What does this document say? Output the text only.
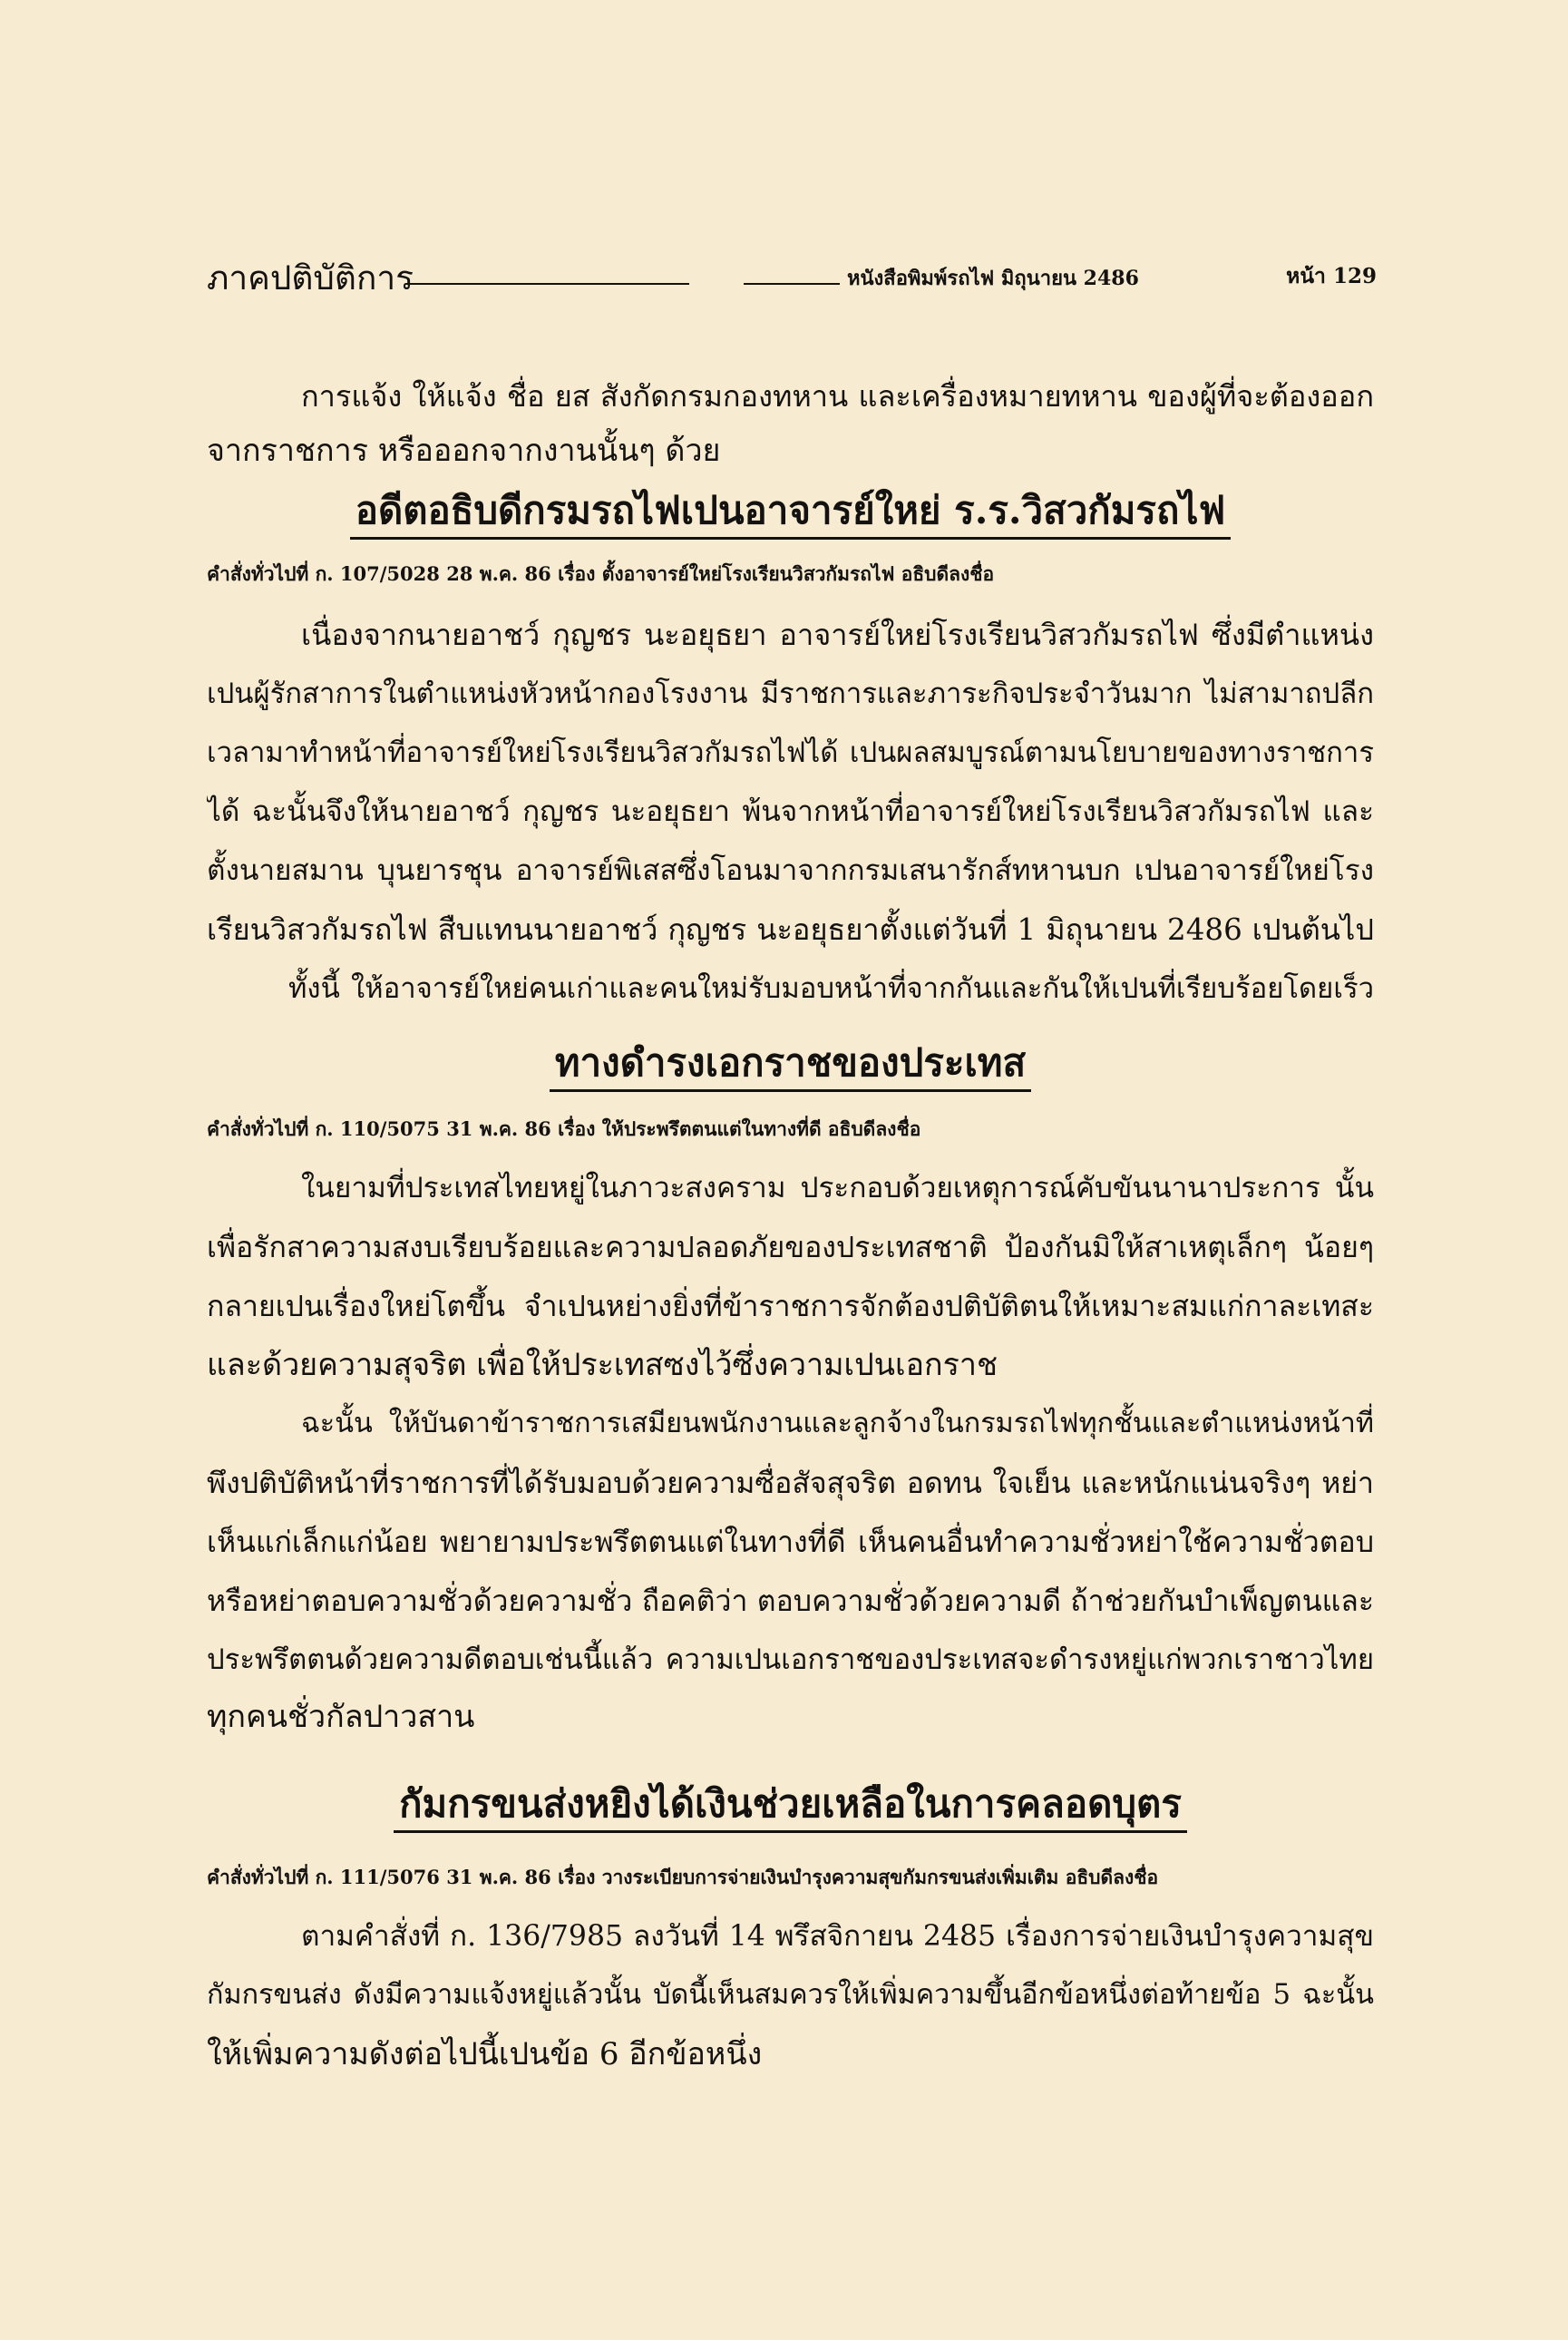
ภาคปติบัติการ	หนังสือพิมพ์รถไฟ มิถุนายน 2486	หน้า 129
การแจ้ง ให้แจ้ง ชื่อ ยส สังกัดกรมกองทหาน และเครื่องหมายทหาน ของผู้ที่จะต้องออก
จากราชการ หรือออกจากงานนั้นๆ ด้วย
อดีตอธิบดีกรมรถไฟเปนอาจารย์ใหย่ ร.ร.วิสวกัมรถไฟ
คำสั่งทั่วไปที่ ก. 107/5028 28 พ.ค. 86 เรื่อง ตั้งอาจารย์ใหย่โรงเรียนวิสวกัมรถไฟ อธิบดีลงชื่อ
เนื่องจากนายอาชว์ กุญชร นะอยุธยา อาจารย์ใหย่โรงเรียนวิสวกัมรถไฟ ซึ่งมีตำแหน่ง
เปนผู้รักสาการในตำแหน่งหัวหน้ากองโรงงาน มีราชการและภาระกิจประจำวันมาก ไม่สามาถปลีก
เวลามาทำหน้าที่อาจารย์ใหย่โรงเรียนวิสวกัมรถไฟได้ เปนผลสมบูรณ์ตามนโยบายของทางราชการ
ได้ ฉะนั้นจึงให้นายอาชว์ กุญชร นะอยุธยา พ้นจากหน้าที่อาจารย์ใหย่โรงเรียนวิสวกัมรถไฟ และ
ตั้งนายสมาน บุนยารชุน อาจารย์พิเสสซึ่งโอนมาจากกรมเสนารักส์ทหานบก เปนอาจารย์ใหย่โรง
เรียนวิสวกัมรถไฟ สืบแทนนายอาชว์ กุญชร นะอยุธยาตั้งแต่วันที่ 1 มิถุนายน 2486 เปนต้นไป
ทั้งนี้ ให้อาจารย์ใหย่คนเก่าและคนใหม่รับมอบหน้าที่จากกันและกันให้เปนที่เรียบร้อยโดยเร็ว
ทางดำรงเอกราชของประเทส
คำสั่งทั่วไปที่ ก. 110/5075 31 พ.ค. 86 เรื่อง ให้ประพรึตตนแต่ในทางที่ดี อธิบดีลงชื่อ
ในยามที่ประเทสไทยหยู่ในภาวะสงคราม ประกอบด้วยเหตุการณ์คับขันนานาประการ นั้น
เพื่อรักสาความสงบเรียบร้อยและความปลอดภัยของประเทสชาติ ป้องกันมิให้สาเหตุเล็กๆ น้อยๆ
กลายเปนเรื่องใหย่โตขึ้น จำเปนหย่างยิ่งที่ข้าราชการจักต้องปติบัติตนให้เหมาะสมแก่กาละเทสะ
และด้วยความสุจริต เพื่อให้ประเทสซงไว้ซึ่งความเปนเอกราช
ฉะนั้น ให้บันดาข้าราชการเสมียนพนักงานและลูกจ้างในกรมรถไฟทุกชั้นและตำแหน่งหน้าที่
พึงปติบัติหน้าที่ราชการที่ได้รับมอบด้วยความซื่อสัจสุจริต อดทน ใจเย็น และหนักแน่นจริงๆ หย่า
เห็นแก่เล็กแก่น้อย พยายามประพรึตตนแต่ในทางที่ดี เห็นคนอื่นทำความชั่วหย่าใช้ความชั่วตอบ
หรือหย่าตอบความชั่วด้วยความชั่ว ถือคติว่า ตอบความชั่วด้วยความดี ถ้าช่วยกันบำเพ็ญตนและ
ประพรึตตนด้วยความดีตอบเช่นนี้แล้ว ความเปนเอกราชของประเทสจะดำรงหยู่แก่พวกเราชาวไทย
ทุกคนชั่วกัลปาวสาน
กัมกรขนส่งหยิงได้เงินช่วยเหลือในการคลอดบุตร
คำสั่งทั่วไปที่ ก. 111/5076 31 พ.ค. 86 เรื่อง วางระเบียบการจ่ายเงินบำรุงความสุขกัมกรขนส่งเพิ่มเติม อธิบดีลงชื่อ
ตามคำสั่งที่ ก. 136/7985 ลงวันที่ 14 พรึสจิกายน 2485 เรื่องการจ่ายเงินบำรุงความสุข
กัมกรขนส่ง ดังมีความแจ้งหยู่แล้วนั้น บัดนี้เห็นสมควรให้เพิ่มความขึ้นอีกข้อหนึ่งต่อท้ายข้อ 5 ฉะนั้น
ให้เพิ่มความดังต่อไปนี้เปนข้อ 6 อีกข้อหนึ่ง
